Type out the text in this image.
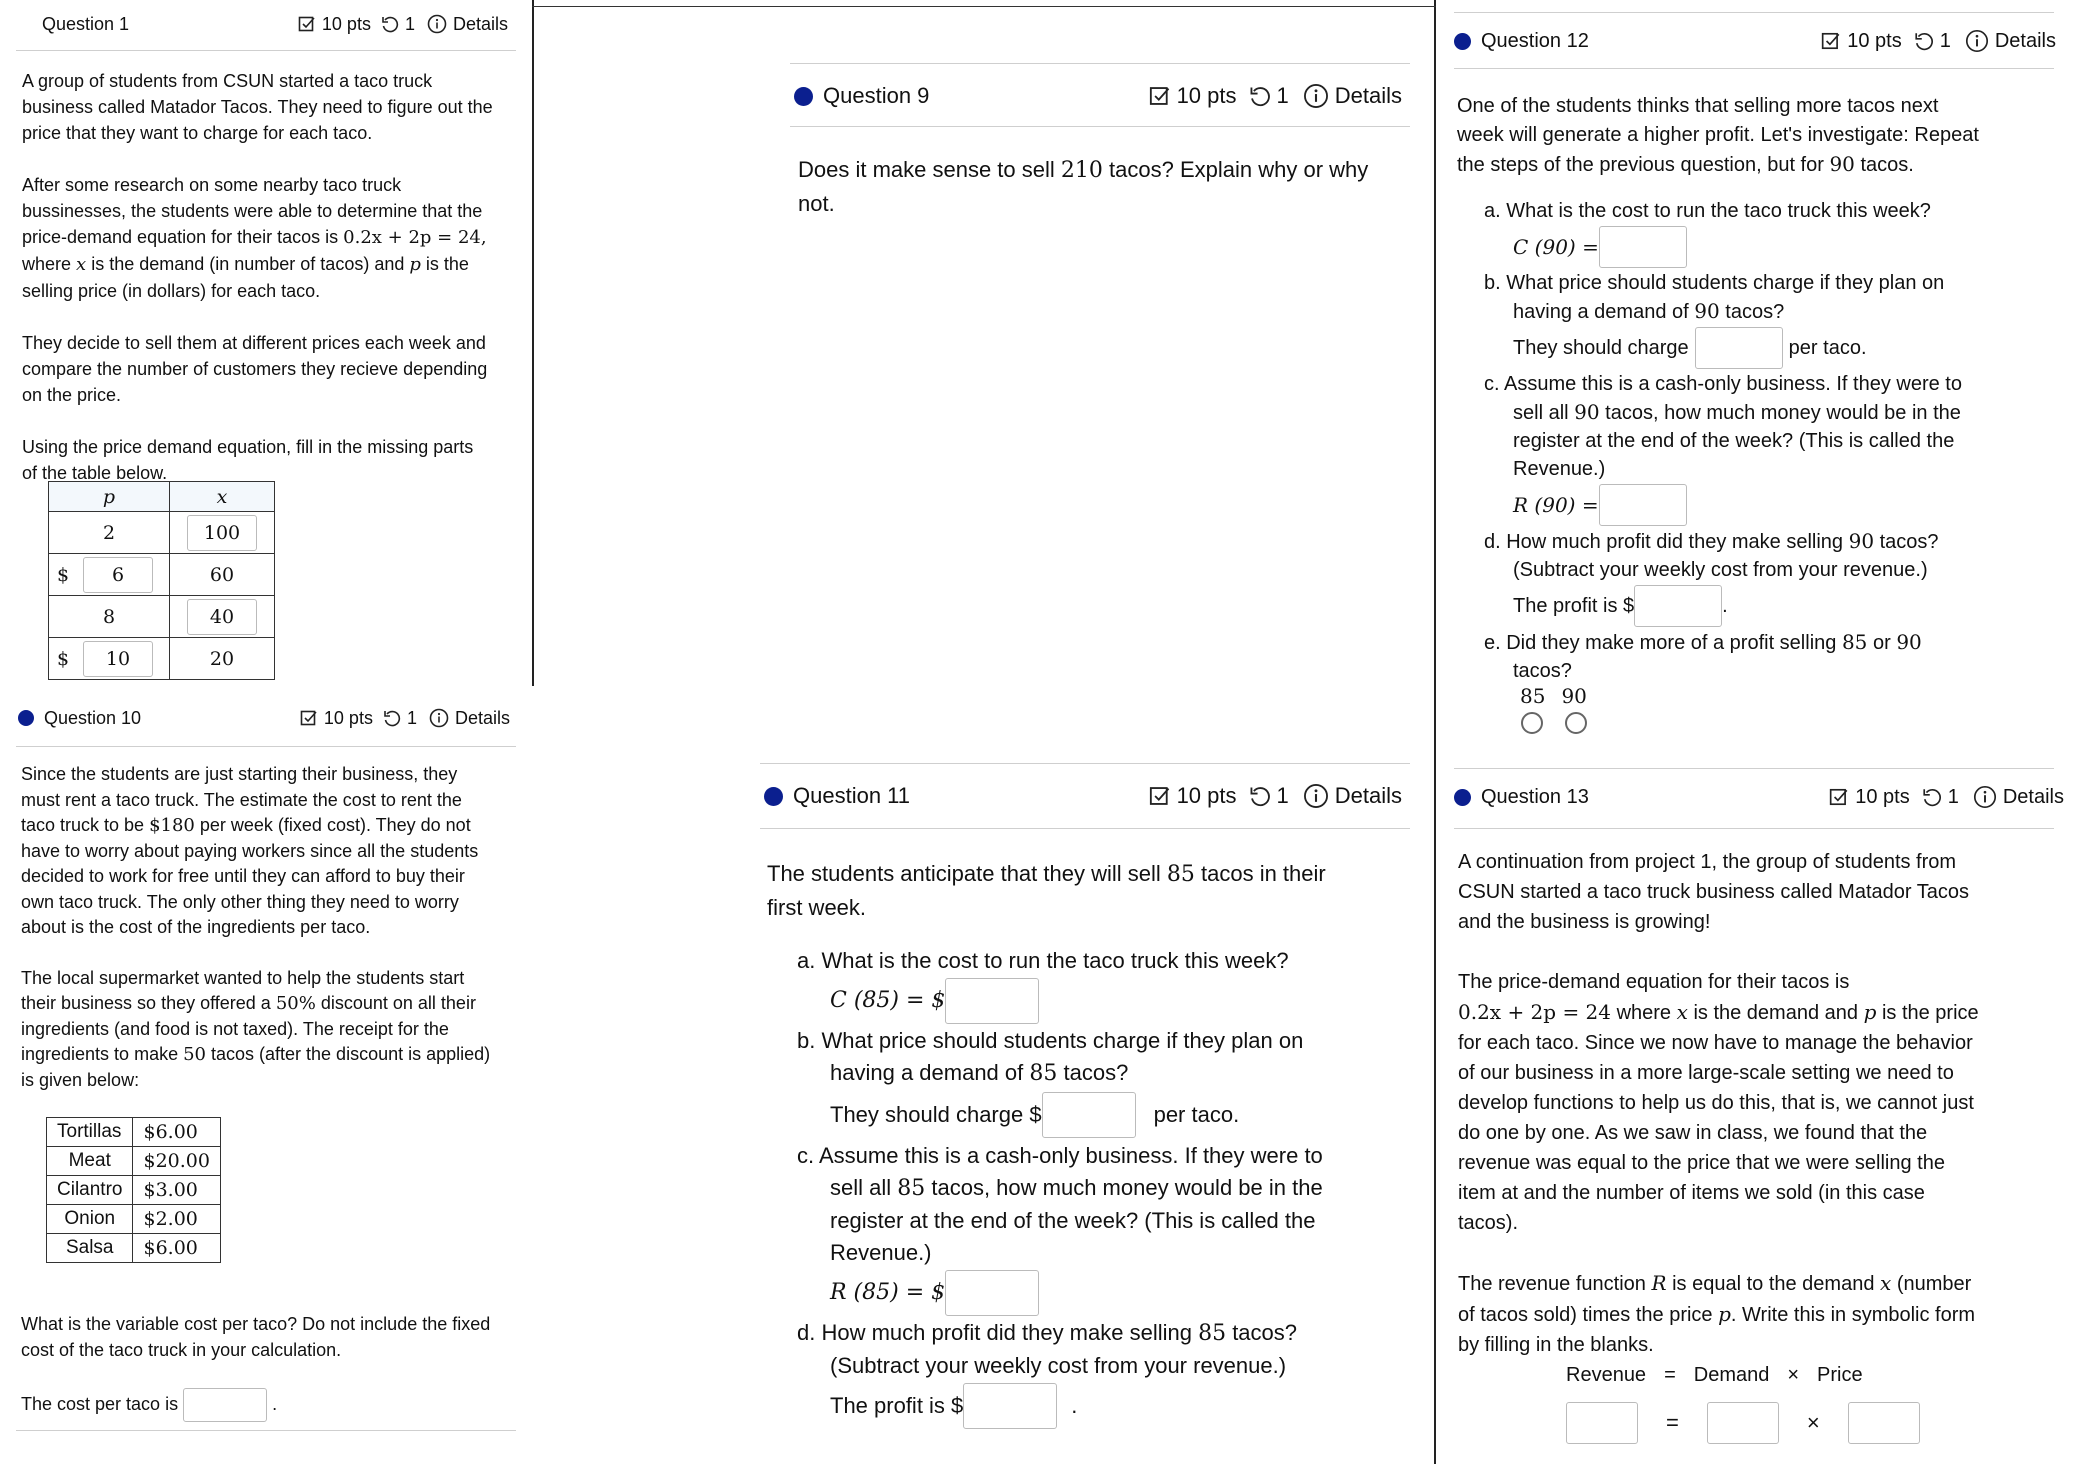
Question 1	10 pts 1 Details
A group of students from CSUN started a taco truck
business called Matador Tacos. They need to figure out the
price that they want to charge for each taco.
After some research on some nearby taco truck
bussinesses, the students were able to determine that the
price-demand equation for their tacos is 0.2x + 2p = 24,
where x is the demand (in number of tacos) and p is the
selling price (in dollars) for each taco.
They decide to sell them at different prices each week and
compare the number of customers they recieve depending
on the price.
Using the price demand equation, fill in the missing parts
of the table below.
p	x
2	100

$ 6	60
8	40

$ 10	20
Question 10	10 pts 1 Details
Since the students are just starting their business, they
must rent a taco truck. The estimate the cost to rent the
taco truck to be $180 per week (fixed cost). They do not
have to worry about paying workers since all the students
decided to work for free until they can afford to buy their
own taco truck. The only other thing they need to worry
about is the cost of the ingredients per taco.
The local supermarket wanted to help the students start
their business so they offered a 50% discount on all their
ingredients (and food is not taxed). The receipt for the
ingredients to make 50 tacos (after the discount is applied)
is given below:
Tortillas	$6.00
Meat	$20.00
Cilantro	$3.00
Onion	$2.00
Salsa	$6.00
What is the variable cost per taco? Do not include the fixed
cost of the taco truck in your calculation.
The cost per taco is	.
Question 9	10 pts 1 Details
Does it make sense to sell 210 tacos? Explain why or why
not.
Question 11	10 pts 1 Details
The students anticipate that they will sell 85 tacos in their
first week.
a. What is the cost to run the taco truck this week?
C (85) = $
b. What price should students charge if they plan on
having a demand of 85 tacos?
They should charge $	per taco.
c. Assume this is a cash-only business. If they were to
sell all 85 tacos, how much money would be in the
register at the end of the week? (This is called the
Revenue.)
R (85) = $
d. How much profit did they make selling 85 tacos?
(Subtract your weekly cost from your revenue.)
The profit is $	.
Question 12	10 pts 1 Details
One of the students thinks that selling more tacos next
week will generate a higher profit. Let's investigate: Repeat
the steps of the previous question, but for 90 tacos.
a. What is the cost to run the taco truck this week?
C (90) =
b. What price should students charge if they plan on
having a demand of 90 tacos?
They should charge	per taco.
c. Assume this is a cash-only business. If they were to
sell all 90 tacos, how much money would be in the
register at the end of the week? (This is called the
Revenue.)
R (90) =
d. How much profit did they make selling 90 tacos?
(Subtract your weekly cost from your revenue.)
The profit is $	.
e. Did they make more of a profit selling 85 or 90
tacos?
85 90
Question 13	10 pts 1 Details
A continuation from project 1, the group of students from
CSUN started a taco truck business called Matador Tacos
and the business is growing!
The price-demand equation for their tacos is
0.2x + 2p = 24 where x is the demand and p is the price
for each taco. Since we now have to manage the behavior
of our business in a more large-scale setting we need to
develop functions to help us do this, that is, we cannot just
do one by one. As we saw in class, we found that the
revenue was equal to the price that we were selling the
item at and the number of items we sold (in this case
tacos).
The revenue function R is equal to the demand x (number
of tacos sold) times the price p. Write this in symbolic form
by filling in the blanks.
Revenue = Demand × Price
=	×
